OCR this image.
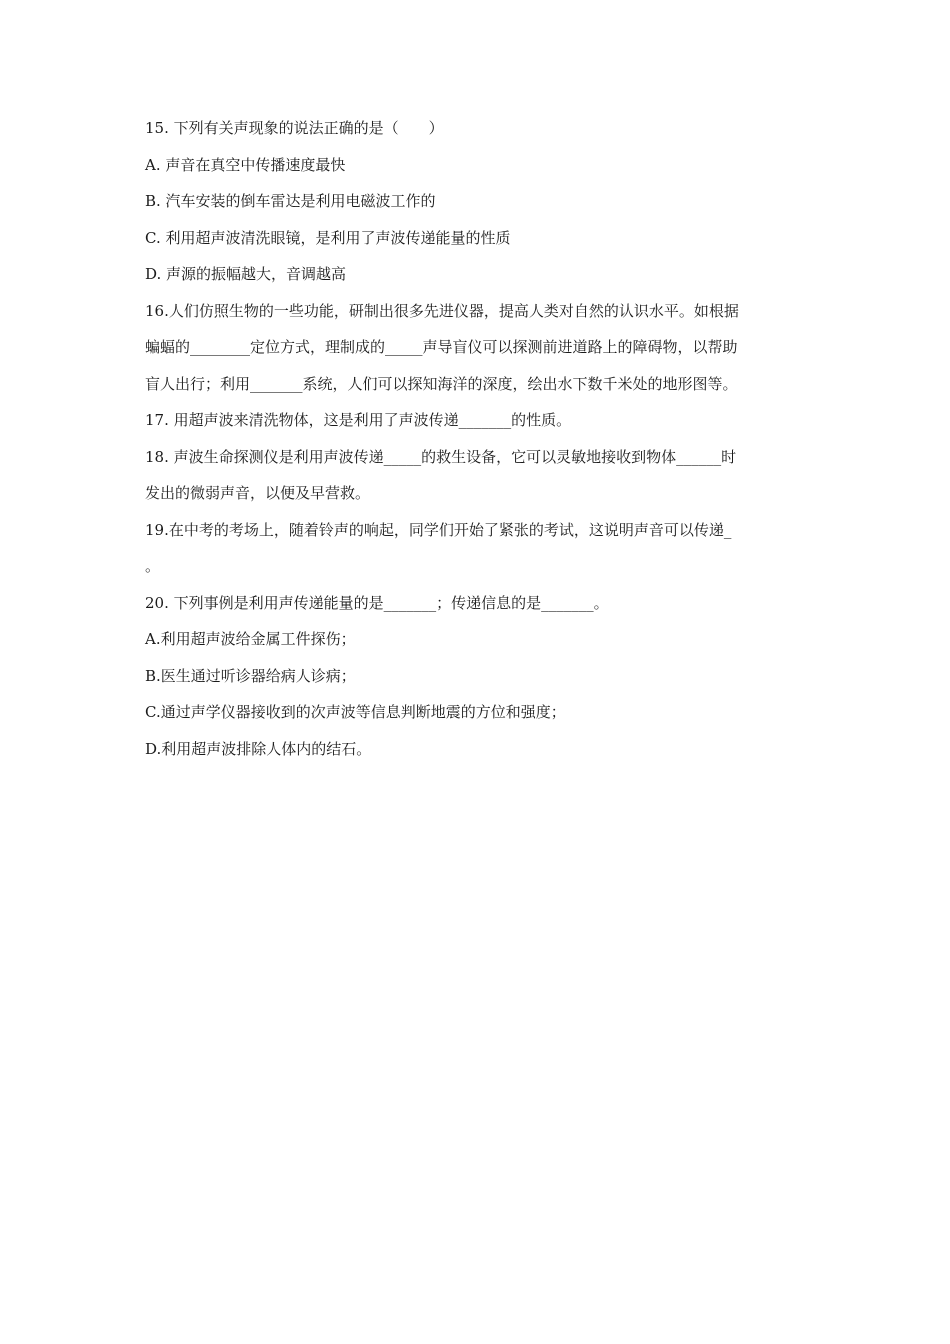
15. 下列有关声现象的说法正确的是（　　）
A. 声音在真空中传播速度最快
B. 汽车安装的倒车雷达是利用电磁波工作的
C. 利用超声波清洗眼镜，是利用了声波传递能量的性质
D. 声源的振幅越大，音调越高
16.人们仿照生物的一些功能，研制出很多先进仪器，提高人类对自然的认识水平。如根据
蝙蝠的________定位方式，理制成的_____声导盲仪可以探测前进道路上的障碍物，以帮助
盲人出行；利用_______系统，人们可以探知海洋的深度，绘出水下数千米处的地形图等。
17. 用超声波来清洗物体，这是利用了声波传递_______的性质。
18. 声波生命探测仪是利用声波传递_____的救生设备，它可以灵敏地接收到物体______时
发出的微弱声音，以便及早营救。
19.在中考的考场上，随着铃声的响起，同学们开始了紧张的考试，这说明声音可以传递_
。
20. 下列事例是利用声传递能量的是_______；传递信息的是_______。
A.利用超声波给金属工件探伤；
B.医生通过听诊器给病人诊病；
C.通过声学仪器接收到的次声波等信息判断地震的方位和强度；
D.利用超声波排除人体内的结石。
